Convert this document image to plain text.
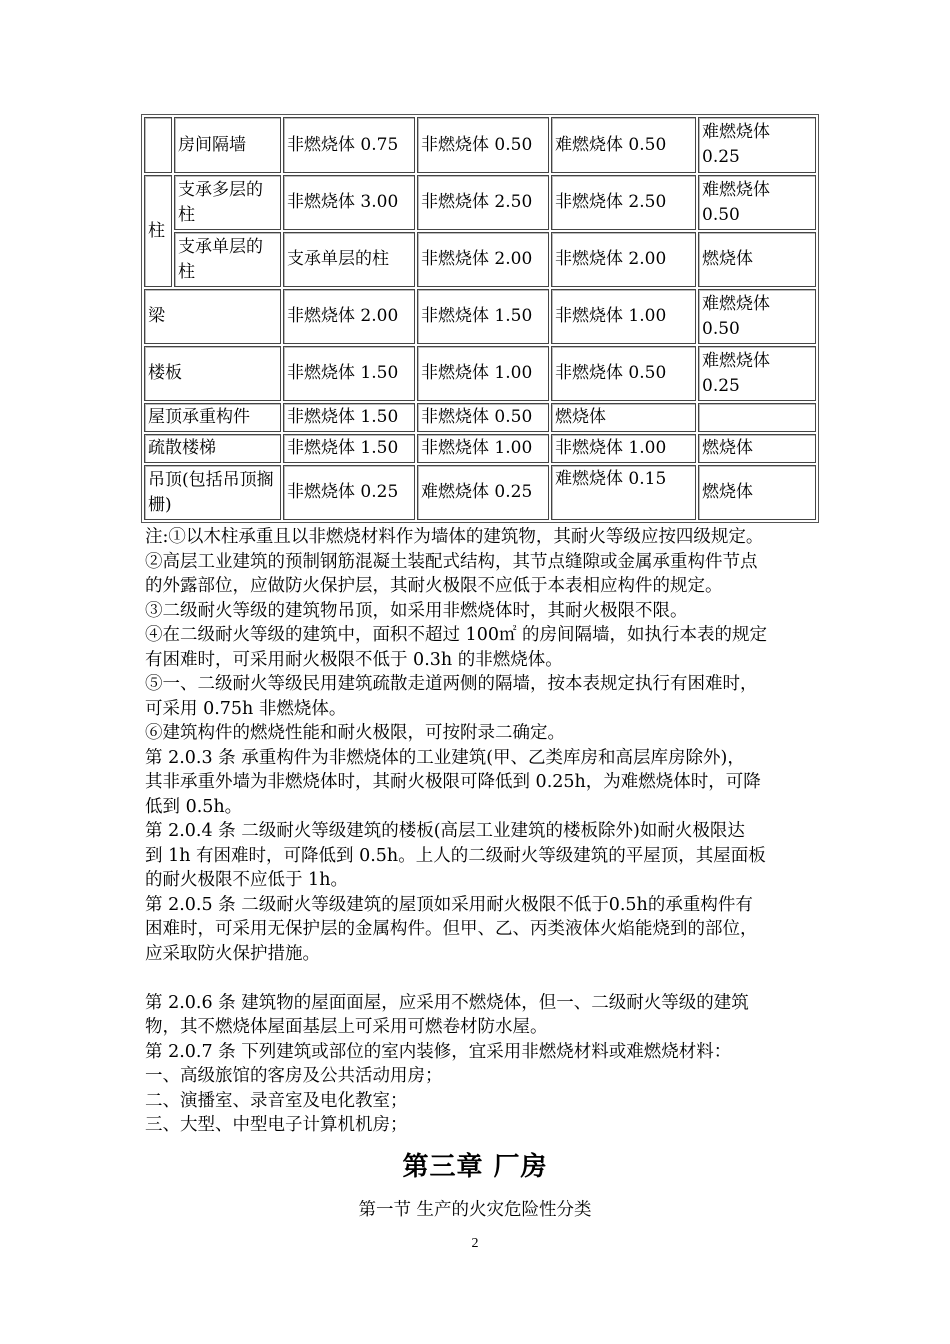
	房间隔墙	非燃烧体 0.75	非燃烧体 0.50	难燃烧体 0.50	难燃烧体 0.25
柱	支承多层的柱	非燃烧体 3.00	非燃烧体 2.50	非燃烧体 2.50	难燃烧体 0.50
	支承单层的柱	支承单层的柱	非燃烧体 2.00	非燃烧体 2.00	燃烧体
梁		非燃烧体 2.00	非燃烧体 1.50	非燃烧体 1.00	难燃烧体 0.50
楼板		非燃烧体 1.50	非燃烧体 1.00	非燃烧体 0.50	难燃烧体 0.25
屋顶承重构件		非燃烧体 1.50	非燃烧体 0.50	燃烧体	
疏散楼梯		非燃烧体 1.50	非燃烧体 1.00	非燃烧体 1.00	燃烧体
吊顶(包括吊顶搁栅)		非燃烧体 0.25	难燃烧体 0.25	难燃烧体 0.15	燃烧体
注:①以木柱承重且以非燃烧材料作为墙体的建筑物，其耐火等级应按四级规定。
②高层工业建筑的预制钢筋混凝土装配式结构，其节点缝隙或金属承重构件节点
的外露部位，应做防火保护层，其耐火极限不应低于本表相应构件的规定。
③二级耐火等级的建筑物吊顶，如采用非燃烧体时，其耐火极限不限。
④在二级耐火等级的建筑中，面积不超过 100㎡ 的房间隔墙，如执行本表的规定
有困难时，可采用耐火极限不低于 0.3h 的非燃烧体。
⑤一、二级耐火等级民用建筑疏散走道两侧的隔墙，按本表规定执行有困难时，
可采用 0.75h 非燃烧体。
⑥建筑构件的燃烧性能和耐火极限，可按附录二确定。
第 2.0.3 条 承重构件为非燃烧体的工业建筑(甲、乙类库房和高层库房除外)，
其非承重外墙为非燃烧体时，其耐火极限可降低到 0.25h，为难燃烧体时，可降
低到 0.5h。
第 2.0.4 条 二级耐火等级建筑的楼板(高层工业建筑的楼板除外)如耐火极限达
到 1h 有困难时，可降低到 0.5h。上人的二级耐火等级建筑的平屋顶，其屋面板
的耐火极限不应低于 1h。
第 2.0.5 条 二级耐火等级建筑的屋顶如采用耐火极限不低于0.5h的承重构件有
困难时，可采用无保护层的金属构件。但甲、乙、丙类液体火焰能烧到的部位，
应采取防火保护措施。
第 2.0.6 条 建筑物的屋面面屋，应采用不燃烧体，但一、二级耐火等级的建筑
物，其不燃烧体屋面基层上可采用可燃卷材防水屋。
第 2.0.7 条 下列建筑或部位的室内装修，宜采用非燃烧材料或难燃烧材料：
一、高级旅馆的客房及公共活动用房；
二、演播室、录音室及电化教室；
三、大型、中型电子计算机机房；
第三章 厂房
第一节 生产的火灾危险性分类
2
